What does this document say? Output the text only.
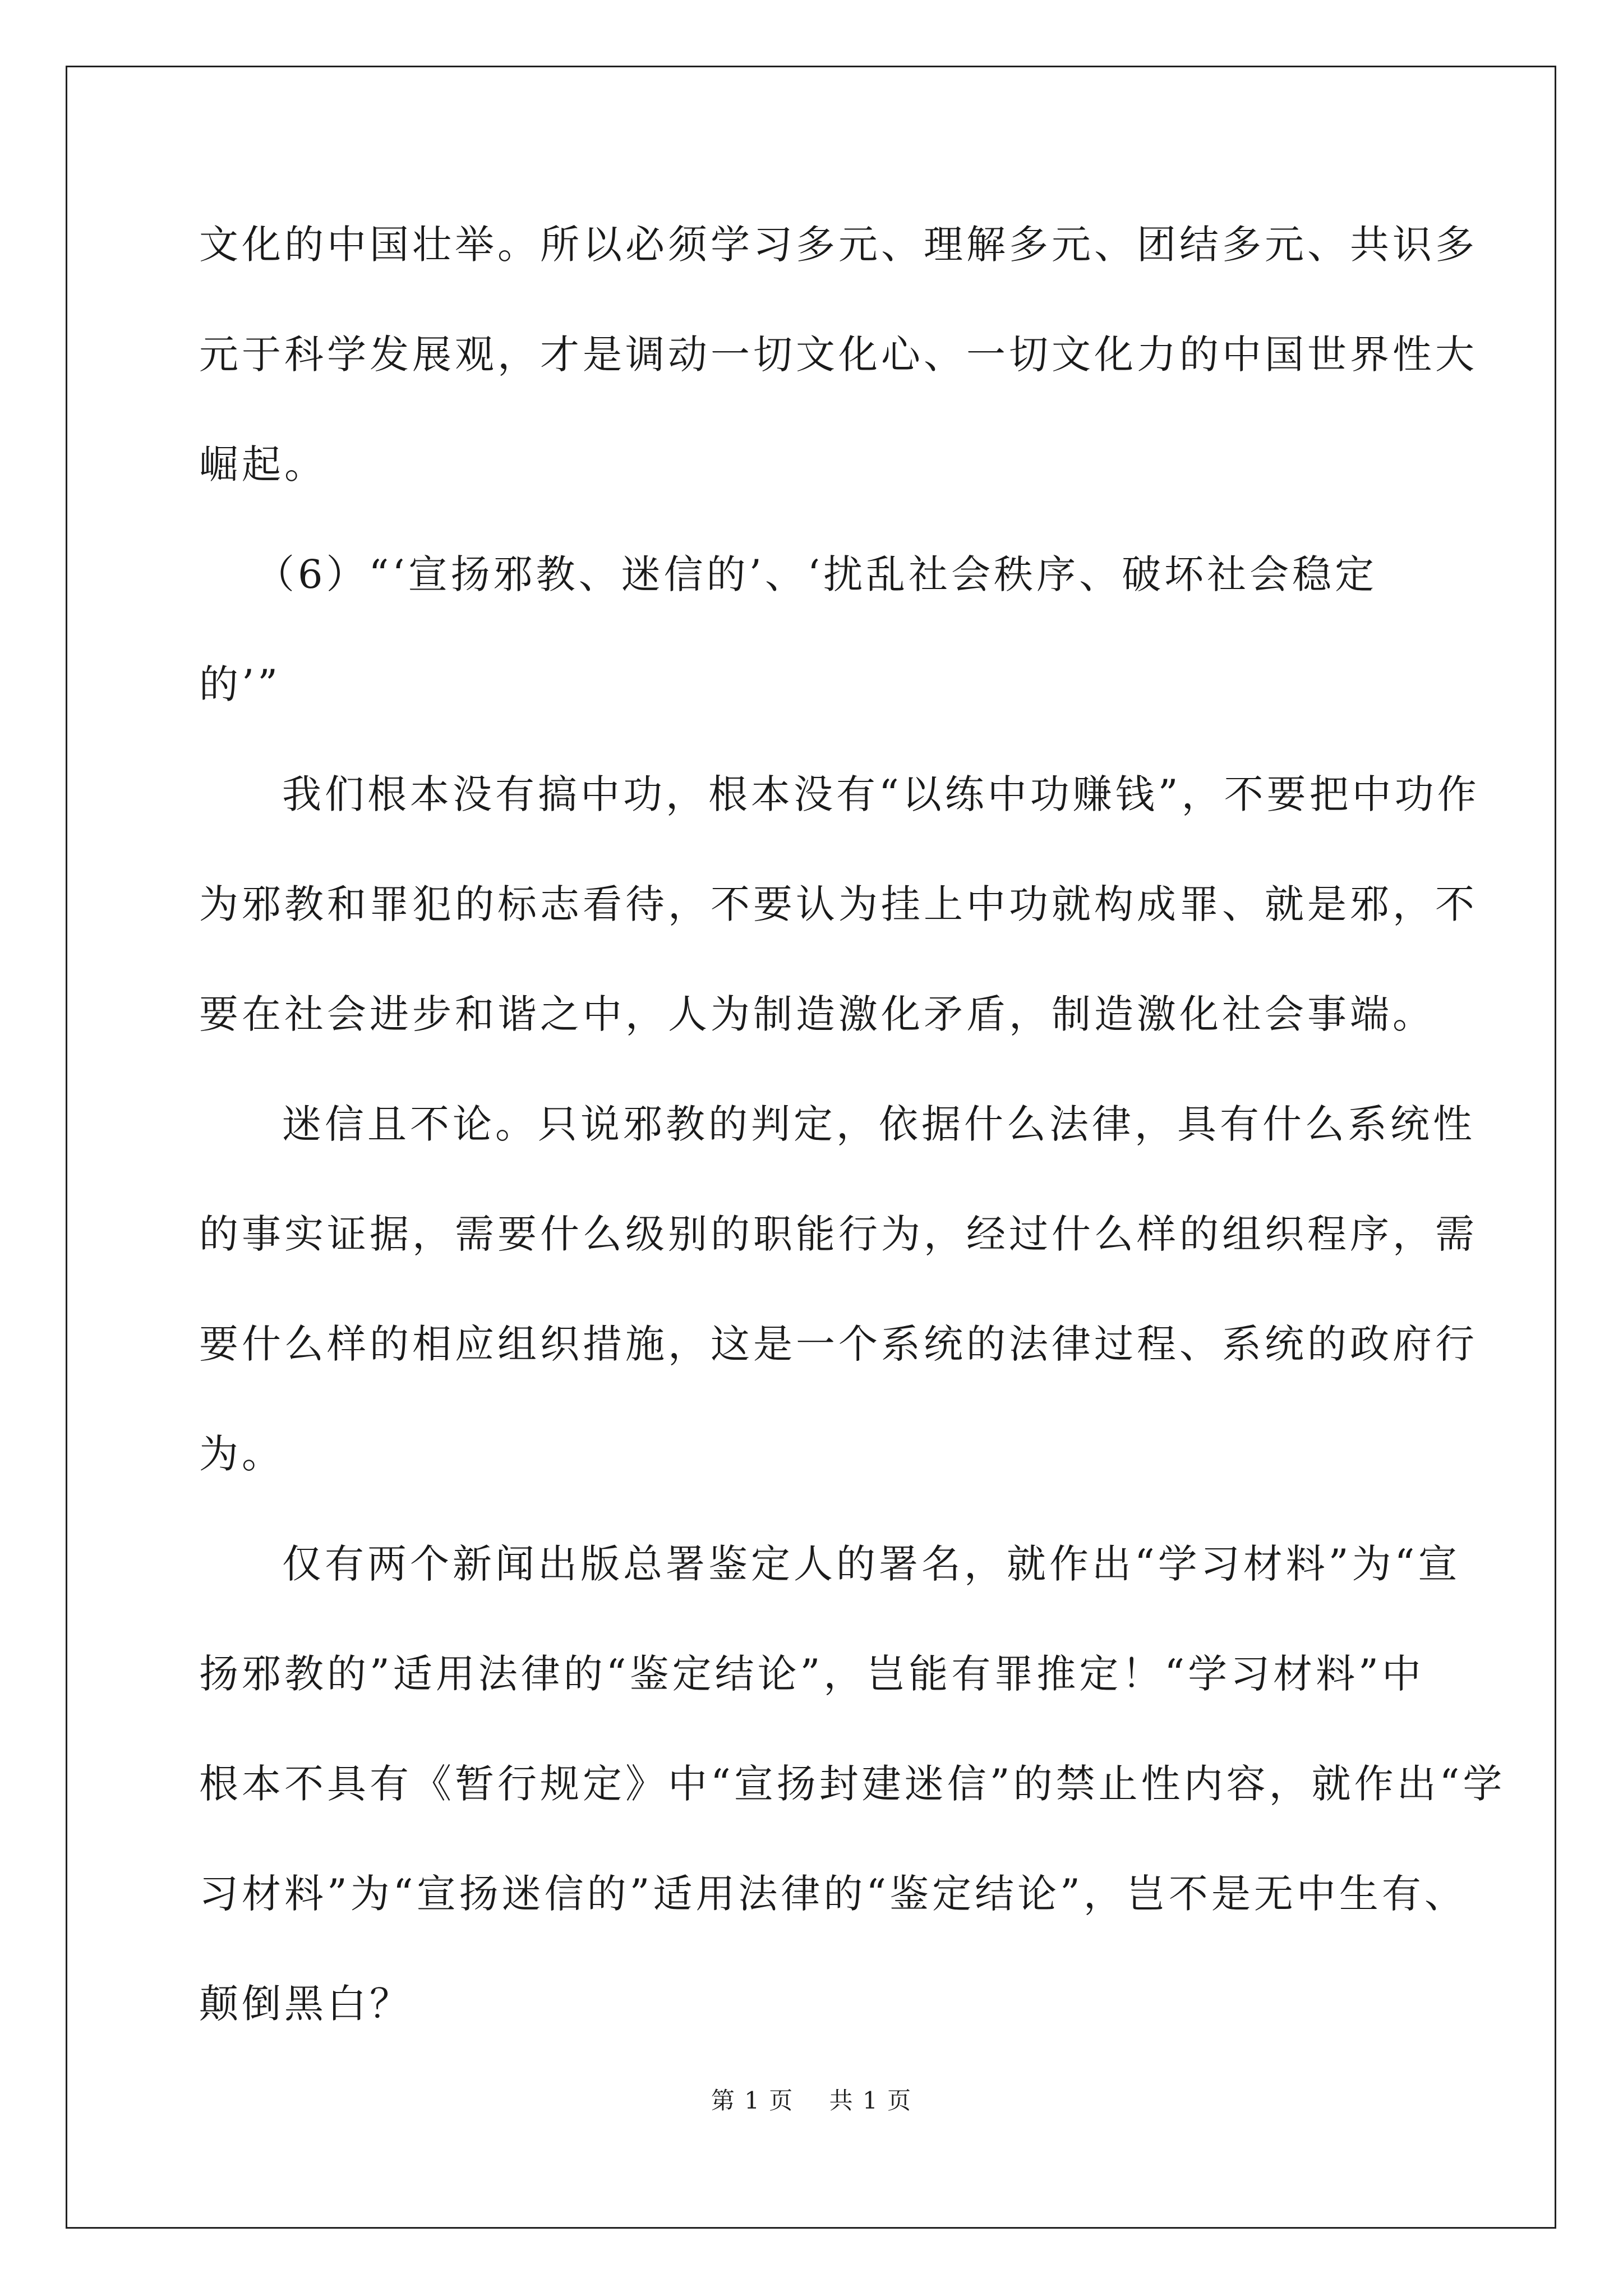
文化的中国壮举。所以必须学习多元、理解多元、团结多元、共识多
元于科学发展观，才是调动一切文化心、一切文化力的中国世界性大
崛起。
（6）“‘宣扬邪教、迷信的’、‘扰乱社会秩序、破坏社会稳定
的’”
我们根本没有搞中功，根本没有“以练中功赚钱”，不要把中功作
为邪教和罪犯的标志看待，不要认为挂上中功就构成罪、就是邪，不
要在社会进步和谐之中，人为制造激化矛盾，制造激化社会事端。
迷信且不论。只说邪教的判定，依据什么法律，具有什么系统性
的事实证据，需要什么级别的职能行为，经过什么样的组织程序，需
要什么样的相应组织措施，这是一个系统的法律过程、系统的政府行
为。
仅有两个新闻出版总署鉴定人的署名，就作出“学习材料”为“宣
扬邪教的”适用法律的“鉴定结论”，岂能有罪推定！“学习材料”中
根本不具有《暂行规定》中“宣扬封建迷信”的禁止性内容，就作出“学
习材料”为“宣扬迷信的”适用法律的“鉴定结论”，岂不是无中生有、
颠倒黑白？
第 1 页 共 1 页
